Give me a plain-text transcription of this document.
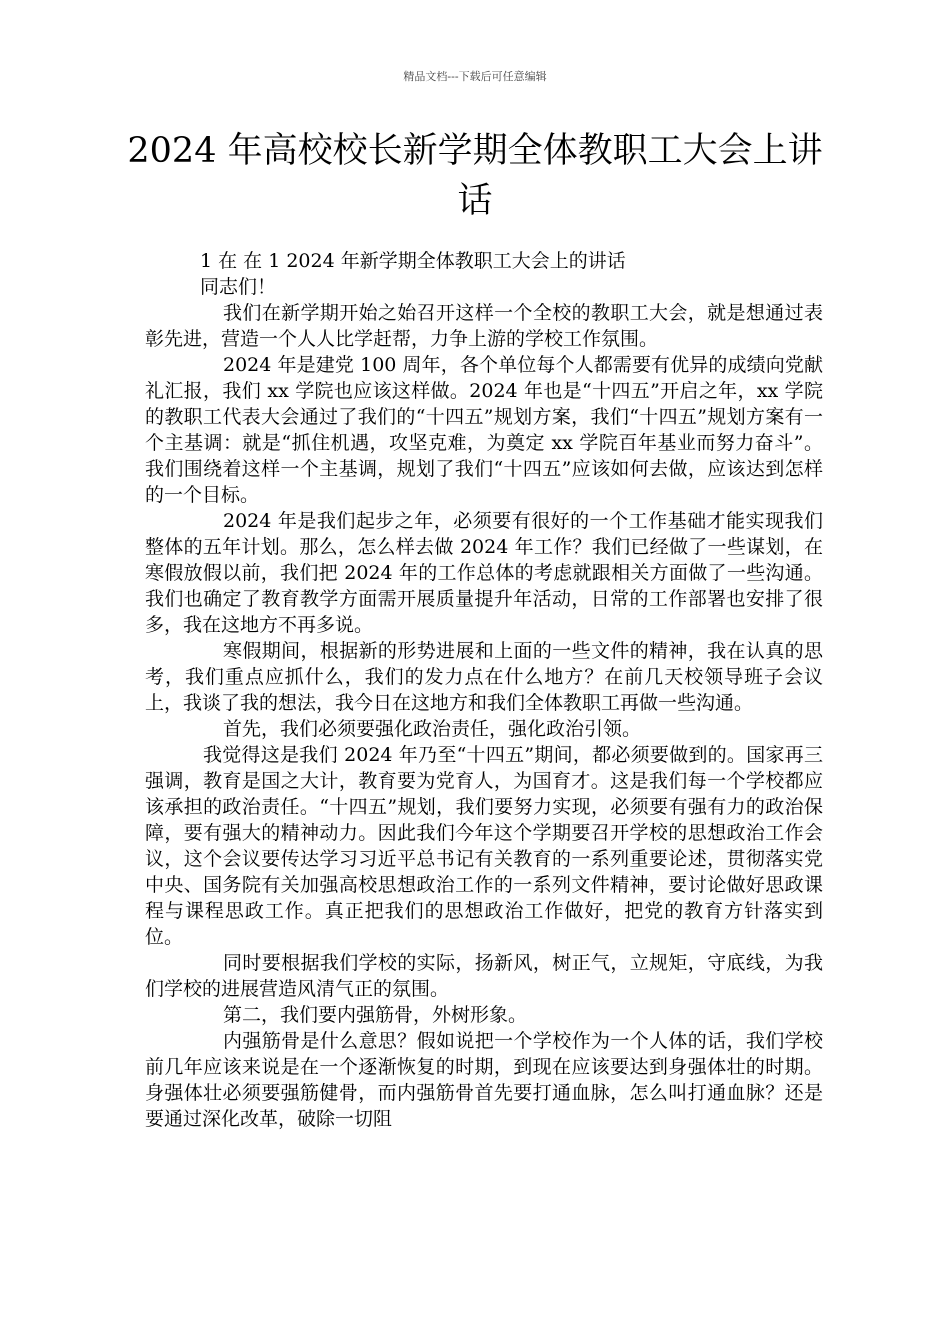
精品文档---下载后可任意编辑
2024 年高校校长新学期全体教职工大会上讲话

1 在 在 1 2024 年新学期全体教职工大会上的讲话

同志们！

我们在新学期开始之始召开这样一个全校的教职工大会，就是想通过表彰先进，营造一个人人比学赶帮，力争上游的学校工作氛围。

2024 年是建党 100 周年，各个单位每个人都需要有优异的成绩向党献礼汇报，我们 xx 学院也应该这样做。2024 年也是“十四五”开启之年，xx 学院的教职工代表大会通过了我们的“十四五”规划方案，我们“十四五”规划方案有一个主基调：就是“抓住机遇，攻坚克难，为奠定 xx 学院百年基业而努力奋斗”。我们围绕着这样一个主基调，规划了我们“十四五”应该如何去做，应该达到怎样的一个目标。

2024 年是我们起步之年，必须要有很好的一个工作基础才能实现我们整体的五年计划。那么，怎么样去做 2024 年工作？我们已经做了一些谋划，在寒假放假以前，我们把 2024 年的工作总体的考虑就跟相关方面做了一些沟通。我们也确定了教育教学方面需开展质量提升年活动，日常的工作部署也安排了很多，我在这地方不再多说。

寒假期间，根据新的形势进展和上面的一些文件的精神，我在认真的思考，我们重点应抓什么，我们的发力点在什么地方？在前几天校领导班子会议上，我谈了我的想法，我今日在这地方和我们全体教职工再做一些沟通。

首先，我们必须要强化政治责任，强化政治引领。

我觉得这是我们 2024 年乃至“十四五”期间，都必须要做到的。国家再三强调，教育是国之大计，教育要为党育人，为国育才。这是我们每一个学校都应该承担的政治责任。“十四五”规划，我们要努力实现，必须要有强有力的政治保障，要有强大的精神动力。因此我们今年这个学期要召开学校的思想政治工作会议，这个会议要传达学习习近平总书记有关教育的一系列重要论述，贯彻落实党中央、国务院有关加强高校思想政治工作的一系列文件精神，要讨论做好思政课程与课程思政工作。真正把我们的思想政治工作做好，把党的教育方针落实到位。

同时要根据我们学校的实际，扬新风，树正气，立规矩，守底线，为我们学校的进展营造风清气正的氛围。

第二，我们要内强筋骨，外树形象。

内强筋骨是什么意思？假如说把一个学校作为一个人体的话，我们学校前几年应该来说是在一个逐渐恢复的时期，到现在应该要达到身强体壮的时期。身强体壮必须要强筋健骨，而内强筋骨首先要打通血脉，怎么叫打通血脉？还是要通过深化改革，破除一切阻
